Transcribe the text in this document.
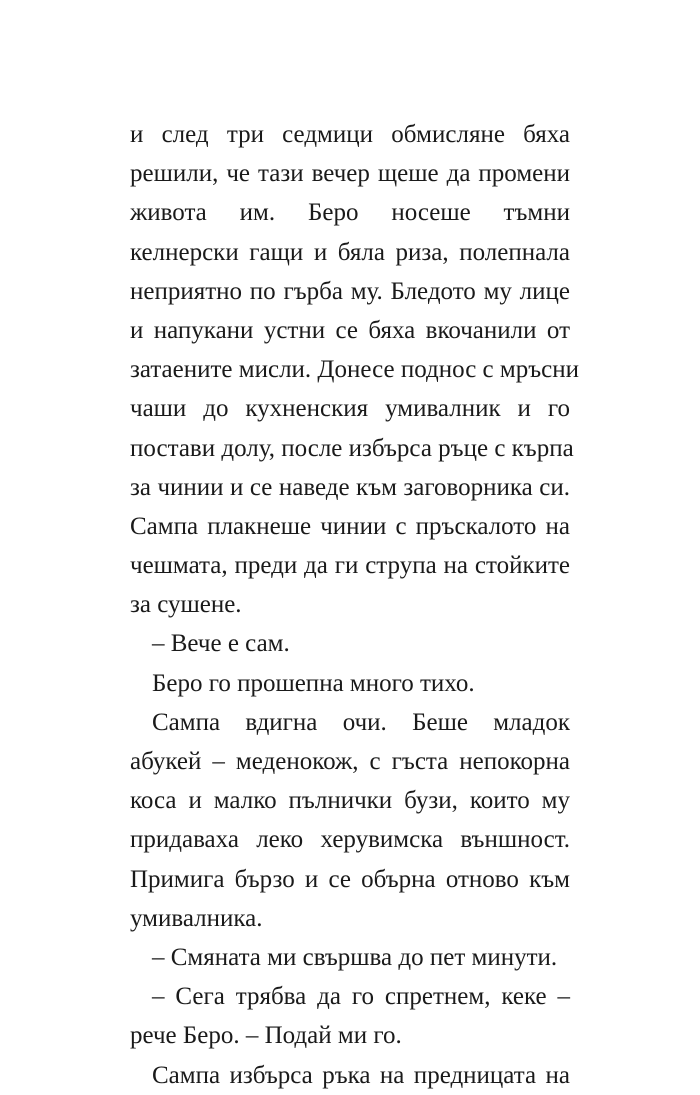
и след три седмици обмисляне бяха
решили, че тази вечер щеше да промени
живота им. Беро носеше тъмни
келнерски гащи и бяла риза, полепнала
неприятно по гърба му. Бледото му лице
и напукани устни се бяха вкочанили от
затаените мисли. Донесе поднос с мръсни
чаши до кухненския умивалник и го
постави долу, после избърса ръце с кърпа
за чинии и се наведе към заговорника си.
Сампа плакнеше чинии с пръскалото на
чешмата, преди да ги струпа на стойките
за сушене.
– Вече е сам.
Беро го прошепна много тихо.
Сампа вдигна очи. Беше младок
абукей – меденокож, с гъста непокорна
коса и малко пълнички бузи, които му
придаваха леко херувимска външност.
Примига бързо и се обърна отново към
умивалника.
– Смяната ми свършва до пет минути.
– Сега трябва да го спретнем, кеке –
рече Беро. – Подай ми го.
Сампа избърса ръка на предницата на
